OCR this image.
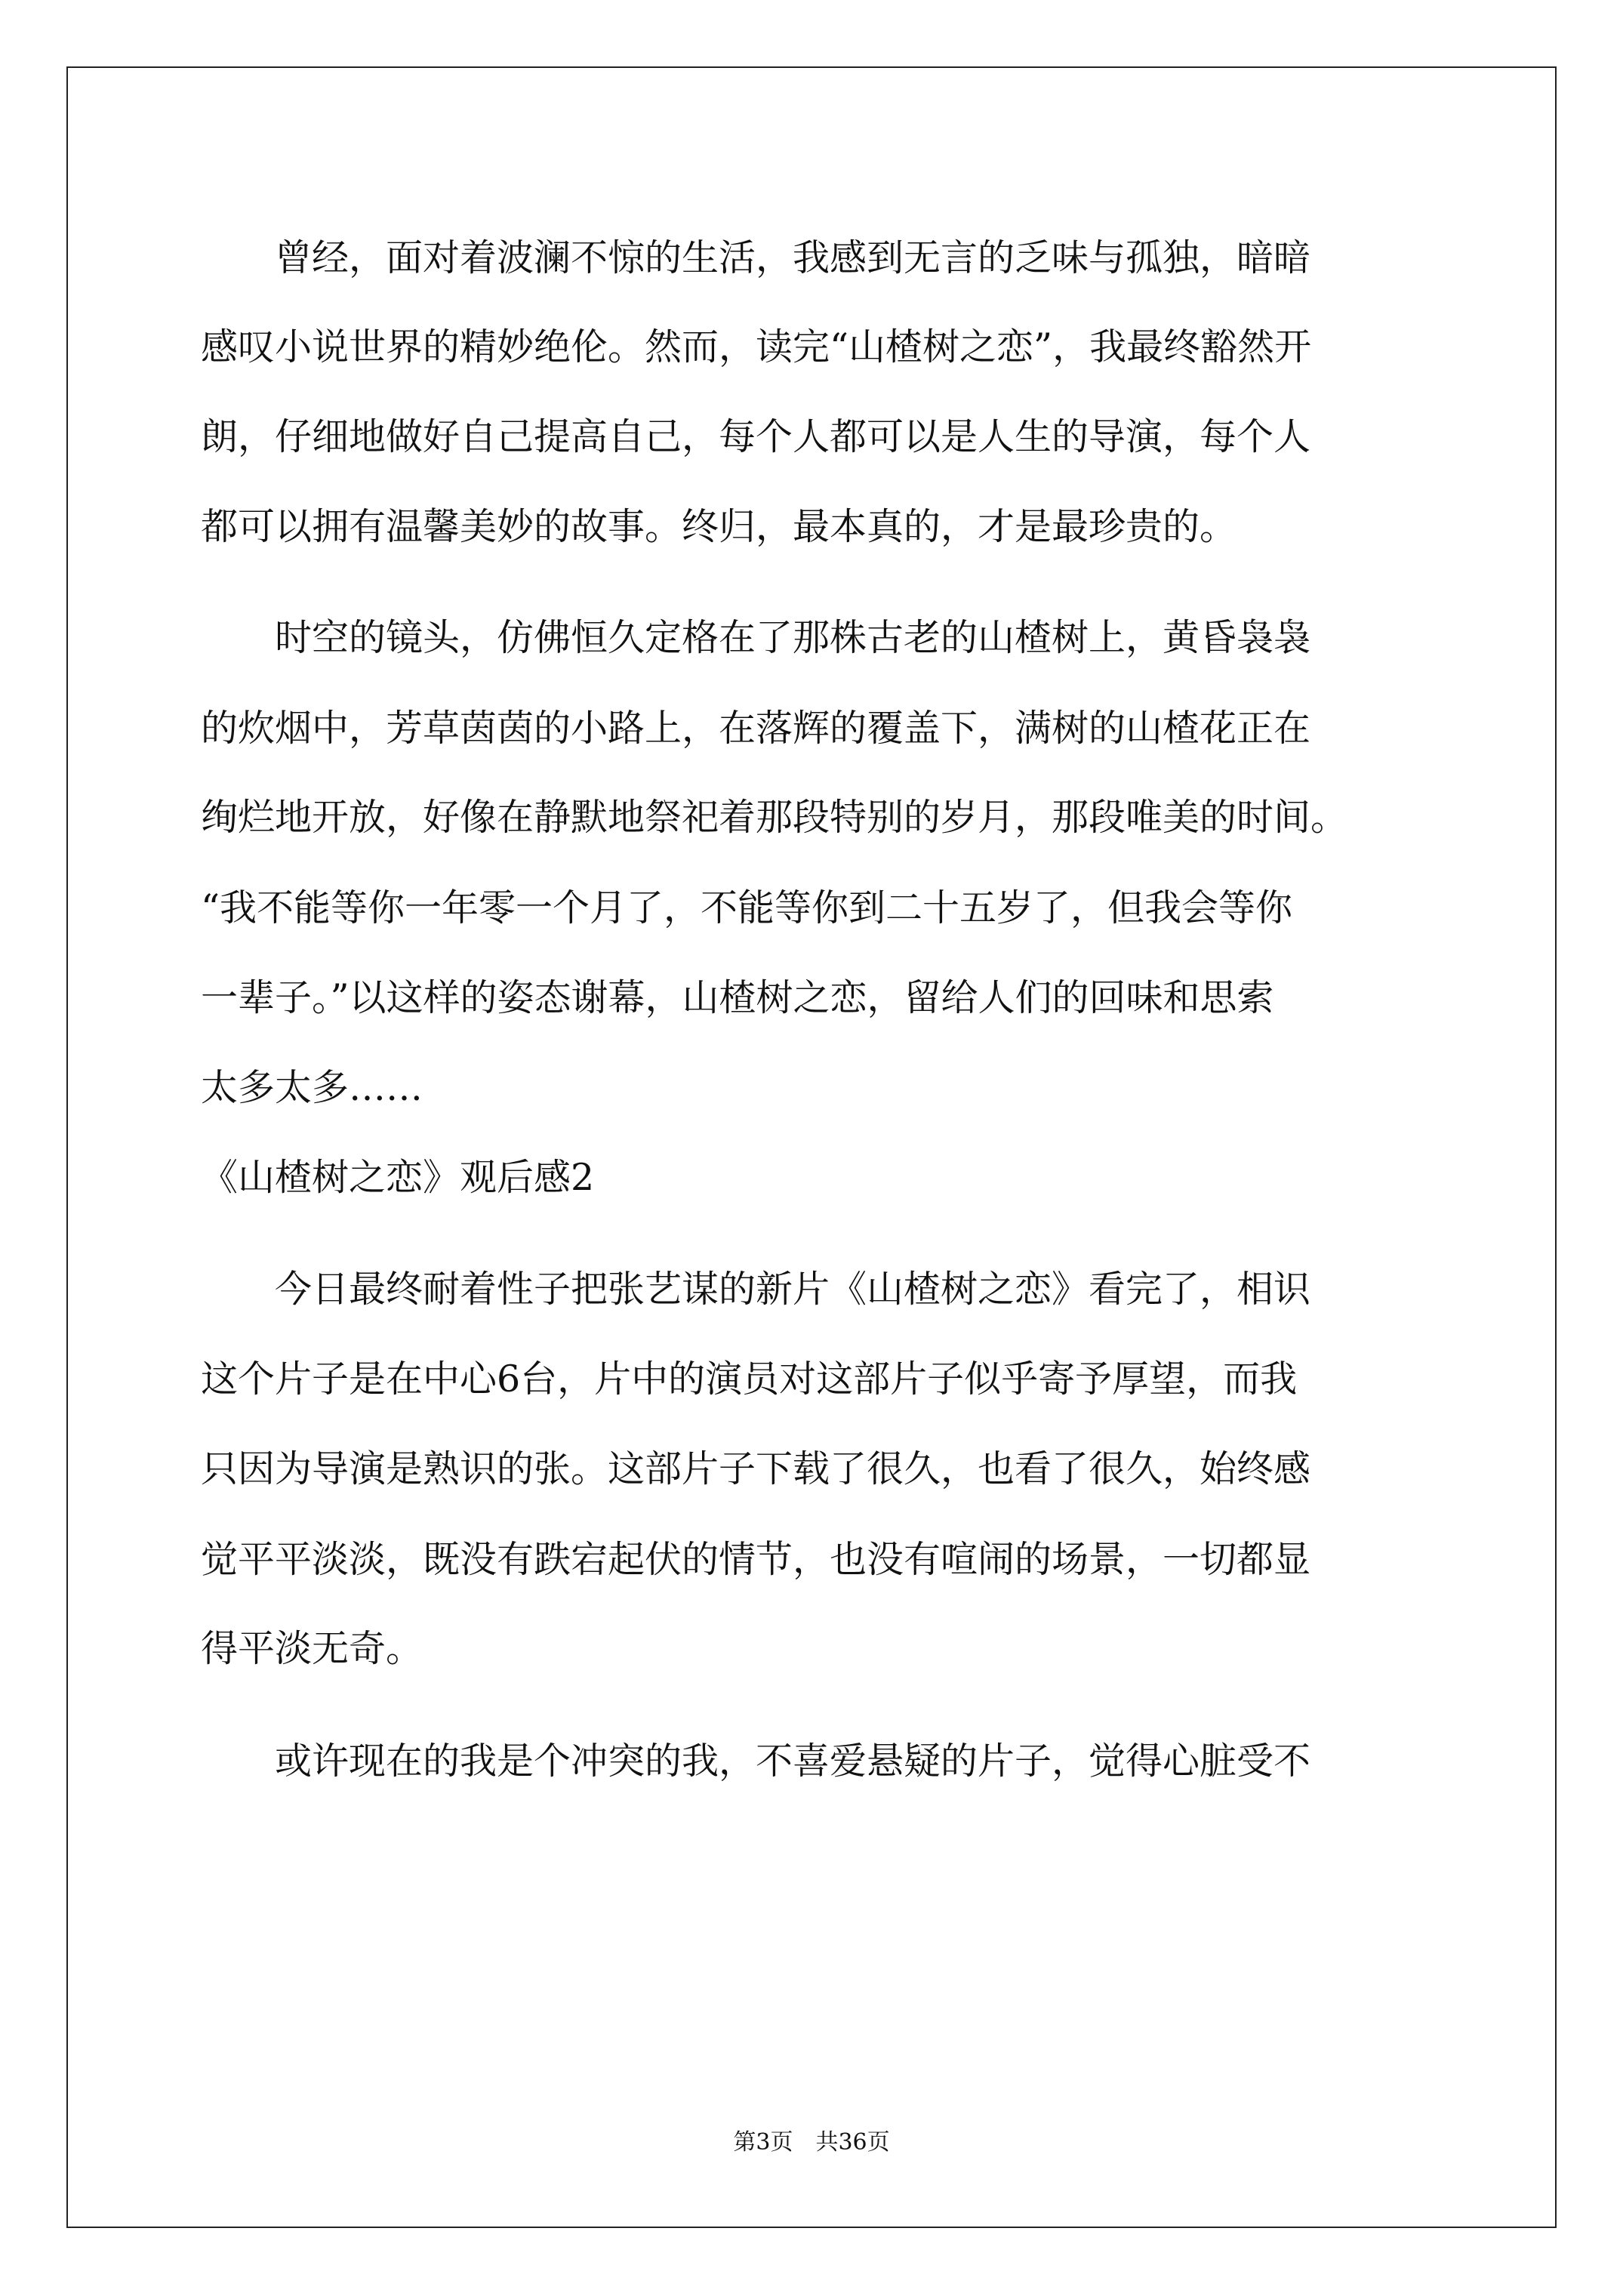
　　曾经，面对着波澜不惊的生活，我感到无言的乏味与孤独，暗暗
感叹小说世界的精妙绝伦。然而，读完“山楂树之恋”，我最终豁然开
朗，仔细地做好自己提高自己，每个人都可以是人生的导演，每个人
都可以拥有温馨美妙的故事。终归，最本真的，才是最珍贵的。
　　时空的镜头，仿佛恒久定格在了那株古老的山楂树上，黄昏袅袅
的炊烟中，芳草茵茵的小路上，在落辉的覆盖下，满树的山楂花正在
绚烂地开放，好像在静默地祭祀着那段特别的岁月，那段唯美的时间。
“我不能等你一年零一个月了，不能等你到二十五岁了，但我会等你
一辈子。”以这样的姿态谢幕，山楂树之恋，留给人们的回味和思索
太多太多……
《山楂树之恋》观后感2
　　今日最终耐着性子把张艺谋的新片《山楂树之恋》看完了，相识
这个片子是在中心6台，片中的演员对这部片子似乎寄予厚望，而我
只因为导演是熟识的张。这部片子下载了很久，也看了很久，始终感
觉平平淡淡，既没有跌宕起伏的情节，也没有喧闹的场景，一切都显
得平淡无奇。
　　或许现在的我是个冲突的我，不喜爱悬疑的片子，觉得心脏受不
第3页　共36页
